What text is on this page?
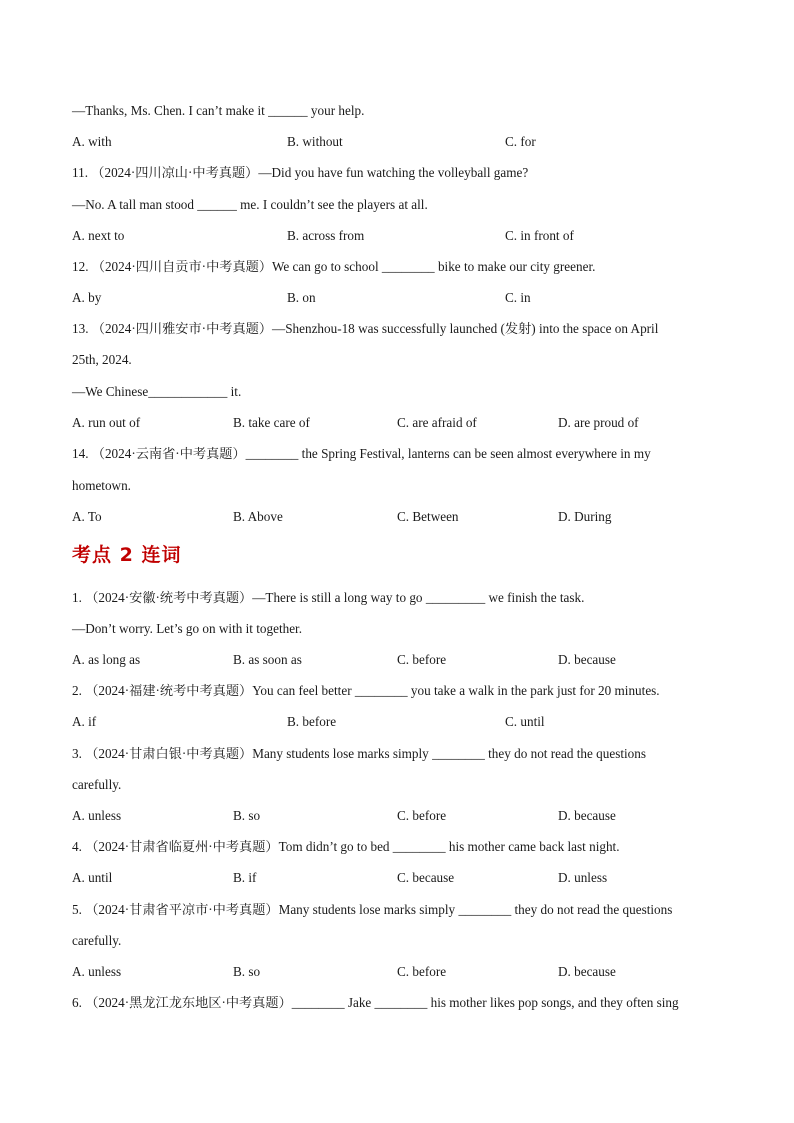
—Thanks, Ms. Chen. I can’t make it ______ your help.
A. with	B. without	C. for
11. （2024·四川凉山·中考真题）—Did you have fun watching the volleyball game?
—No. A tall man stood ______ me. I couldn’t see the players at all.
A. next to	B. across from	C. in front of
12. （2024·四川自贡市·中考真题）We can go to school ________ bike to make our city greener.
A. by	B. on	C. in
13. （2024·四川雅安市·中考真题）—Shenzhou-18 was successfully launched (发射) into the space on April
25th, 2024.
—We Chinese____________ it.
A. run out of	B. take care of	C. are afraid of	D. are proud of
14. （2024·云南省·中考真题）________ the Spring Festival, lanterns can be seen almost everywhere in my
hometown.
A. To	B. Above	C. Between	D. During
考点 2 连词
1. （2024·安徽·统考中考真题）—There is still a long way to go _________ we finish the task.
—Don’t worry. Let’s go on with it together.
A. as long as	B. as soon as	C. before	D. because
2. （2024·福建·统考中考真题）You can feel better ________ you take a walk in the park just for 20 minutes.
A. if	B. before	C. until
3. （2024·甘肃白银·中考真题）Many students lose marks simply ________ they do not read the questions
carefully.
A. unless	B. so	C. before	D. because
4. （2024·甘肃省临夏州·中考真题）Tom didn’t go to bed ________ his mother came back last night.
A. until	B. if	C. because	D. unless
5. （2024·甘肃省平凉市·中考真题）Many students lose marks simply ________ they do not read the questions
carefully.
A. unless	B. so	C. before	D. because
6. （2024·黑龙江龙东地区·中考真题）________ Jake ________ his mother likes pop songs, and they often sing
